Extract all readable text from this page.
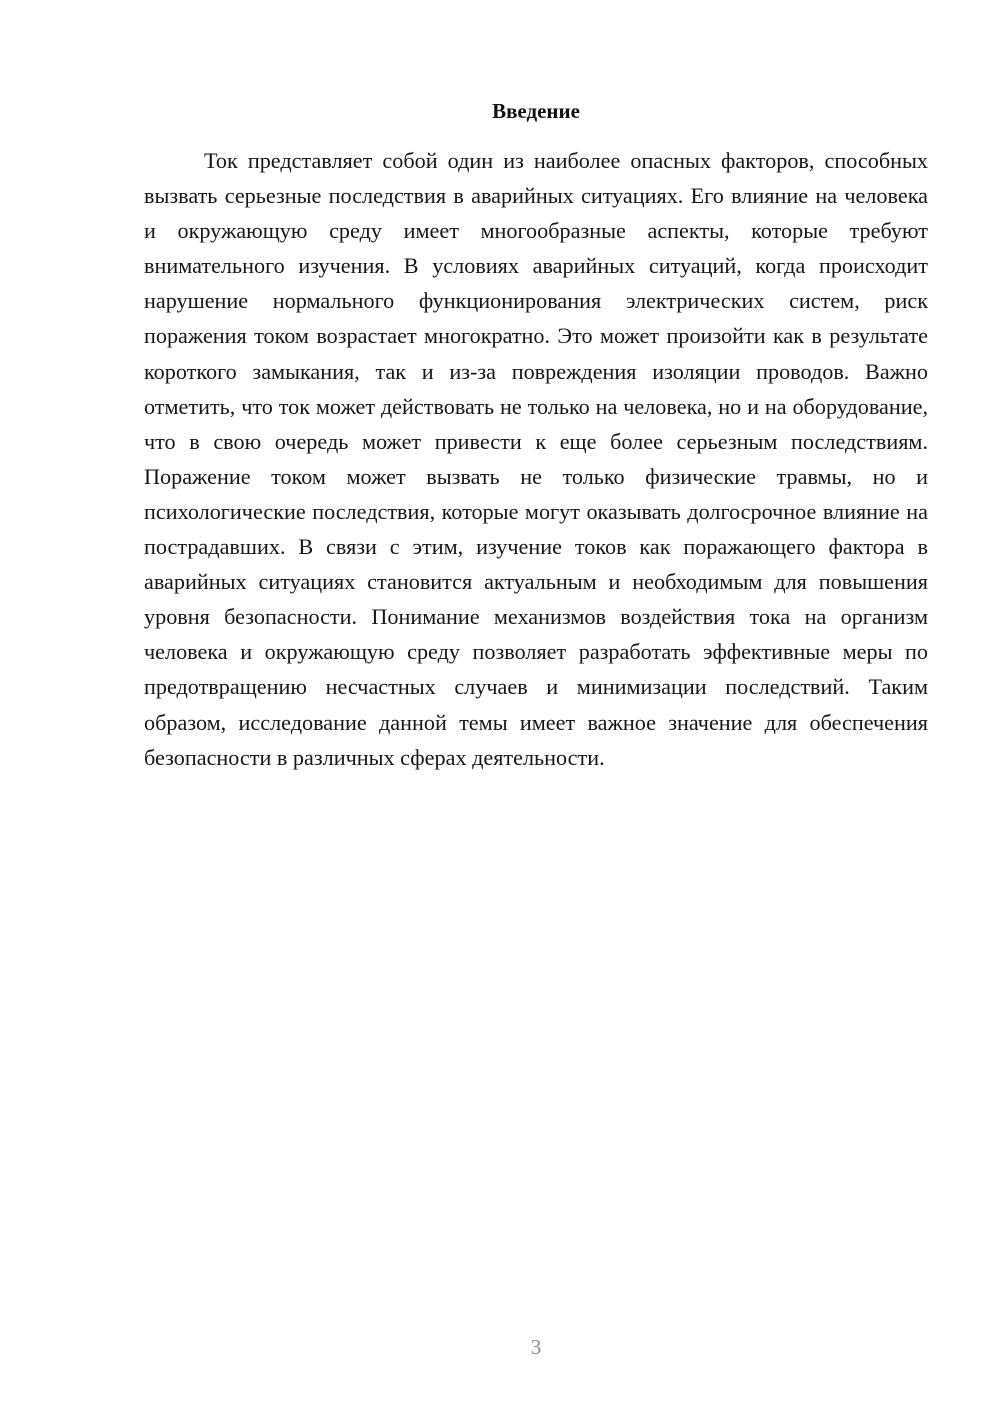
Введение

Ток представляет собой один из наиболее опасных факторов, способных вызвать серьезные последствия в аварийных ситуациях. Его влияние на человека и окружающую среду имеет многообразные аспекты, которые требуют внимательного изучения. В условиях аварийных ситуаций, когда происходит нарушение нормального функционирования электрических систем, риск поражения током возрастает многократно. Это может произойти как в результате короткого замыкания, так и из-за повреждения изоляции проводов. Важно отметить, что ток может действовать не только на человека, но и на оборудование, что в свою очередь может привести к еще более серьезным последствиям. Поражение током может вызвать не только физические травмы, но и психологические последствия, которые могут оказывать долгосрочное влияние на пострадавших. В связи с этим, изучение токов как поражающего фактора в аварийных ситуациях становится актуальным и необходимым для повышения уровня безопасности. Понимание механизмов воздействия тока на организм человека и окружающую среду позволяет разработать эффективные меры по предотвращению несчастных случаев и минимизации последствий. Таким образом, исследование данной темы имеет важное значение для обеспечения безопасности в различных сферах деятельности.

3
